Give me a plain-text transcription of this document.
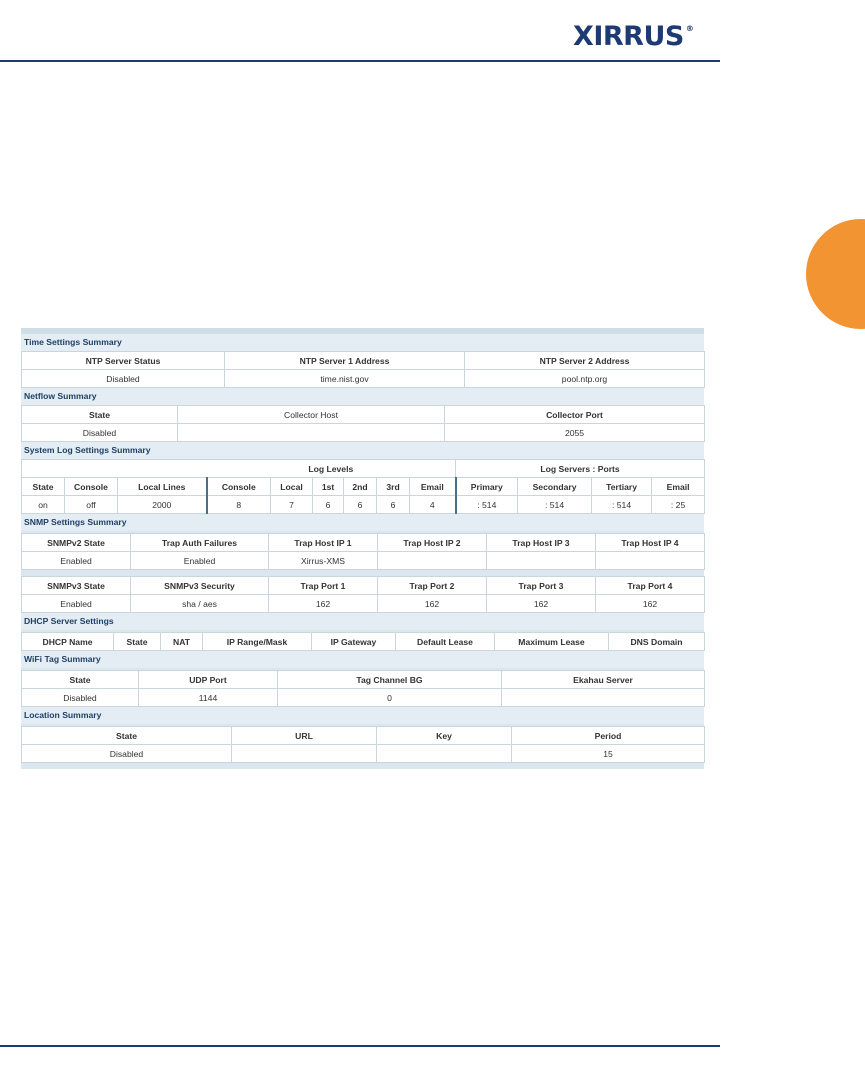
XIRRUS ®
Time Settings Summary
NTP Server Status	NTP Server 1 Address	NTP Server 2 Address
Disabled	time.nist.gov	pool.ntp.org
Netflow Summary
State	Collector Host	Collector Port
Disabled		2055
System Log Settings Summary
			Log Levels						Log Servers : Ports			
State	Console	Local Lines	Console	Local	1st	2nd	3rd	Email	Primary	Secondary	Tertiary	Email
on	off	2000	8	7	6	6	6	4	: 514	: 514	: 514	: 25
SNMP Settings Summary
SNMPv2 State	Trap Auth Failures	Trap Host IP 1	Trap Host IP 2	Trap Host IP 3	Trap Host IP 4
Enabled	Enabled	Xirrus-XMS			
SNMPv3 State	SNMPv3 Security	Trap Port 1	Trap Port 2	Trap Port 3	Trap Port 4
Enabled	sha / aes	162	162	162	162
DHCP Server Settings
DHCP Name	State	NAT	IP Range/Mask	IP Gateway	Default Lease	Maximum Lease	DNS Domain
WiFi Tag Summary
State	UDP Port	Tag Channel BG	Ekahau Server
Disabled	1144	0	
Location Summary
State	URL	Key	Period
Disabled			15
